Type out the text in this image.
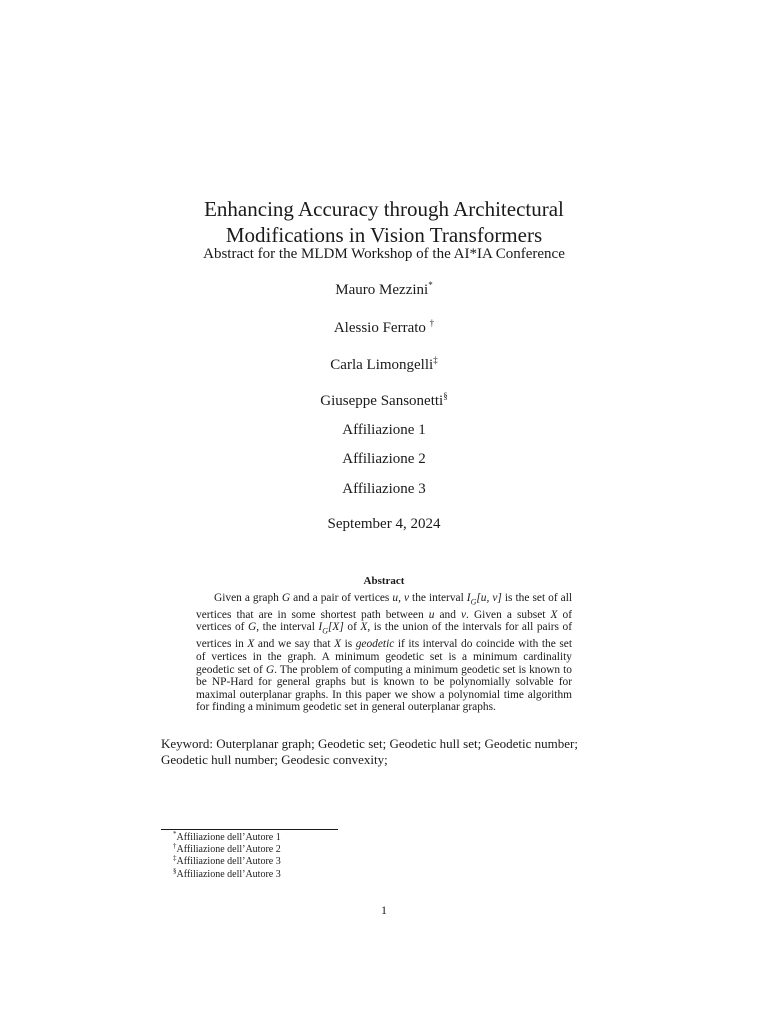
Enhancing Accuracy through Architectural
Modifications in Vision Transformers
Abstract for the MLDM Workshop of the AI*IA Conference
Mauro Mezzini*
Alessio Ferrato †
Carla Limongelli‡
Giuseppe Sansonetti§
Affiliazione 1
Affiliazione 2
Affiliazione 3
September 4, 2024
Abstract
Given a graph G and a pair of vertices u, v the interval $I_G[u$, v] is the set of all vertices that are in some shortest path between u and v. Given a subset X of vertices of G, the interval $I_G[X]$ of X, is the union of the intervals for all pairs of vertices in X and we say that X is geodetic if its interval do coincide with the set of vertices in the graph. A minimum geodetic set is a minimum cardinality geodetic set of G. The problem of computing a minimum geodetic set is known to be NP-Hard for general graphs but is known to be polynomially solvable for maximal outerplanar graphs. In this paper we show a polynomial time algorithm for finding a minimum geodetic set in general outerplanar graphs.
Keyword: Outerplanar graph; Geodetic set; Geodetic hull set; Geodetic number; Geodetic hull number; Geodesic convexity;
*Affiliazione dell’Autore 1
†Affiliazione dell’Autore 2
‡Affiliazione dell’Autore 3
§Affiliazione dell’Autore 3
1
